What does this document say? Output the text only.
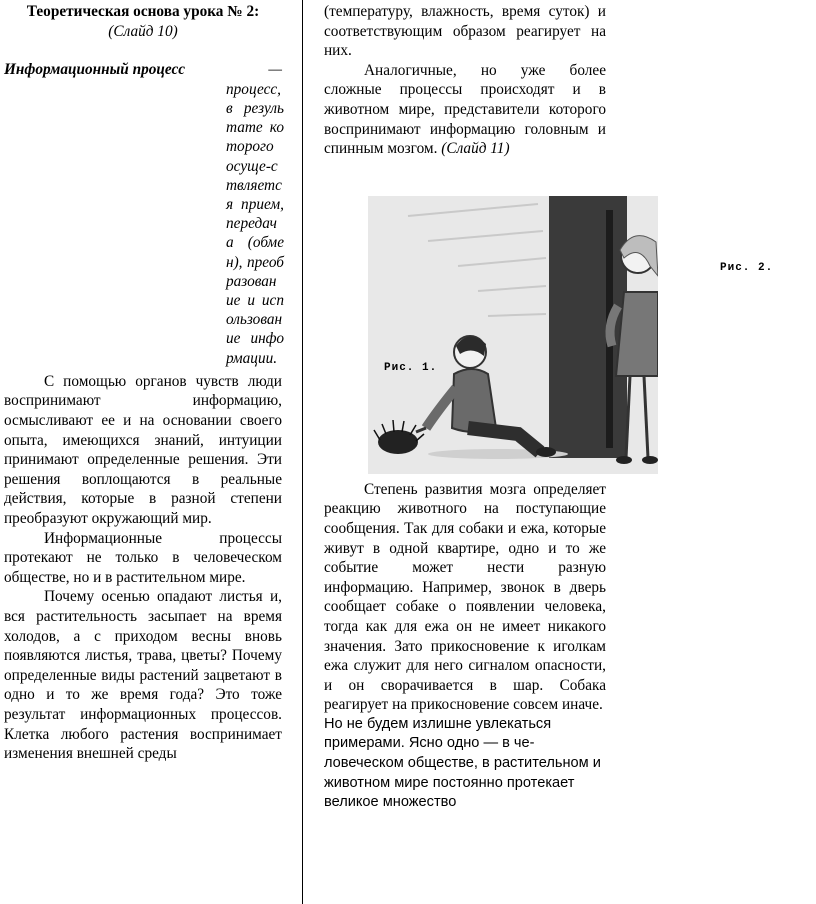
Теоретическая основа урока № 2:

(Слайд 10)

Информационный процесс	—

процесс, в результате которого осуще-ствляется прием, передача (обмен), преобразование и использование информации.

С помощью органов чувств люди воспринимают информацию, осмысливают ее и на основании своего опыта, имеющихся знаний, интуиции принимают определенные решения. Эти решения воплощаются в реальные действия, которые в разной степени преобразуют окружающий мир.

Информационные процессы протекают не только в человеческом обществе, но и в растительном мире.

Почему осенью опадают листья и, вся растительность засыпает на время холодов, а с приходом весны вновь появляются листья, трава, цветы? Почему определенные виды растений зацветают в одно и то же время года? Это тоже результат информационных процессов. Клетка любого растения воспринимает изменения внешней среды

(температуру, влажность, время суток) и соответствующим образом реагирует на них.

Аналогичные, но уже более сложные процессы происходят и в животном мире, представители которого воспринимают информацию головным и спинным мозгом. (Слайд 11)

Степень развития мозга определяет реакцию животного на поступающие сообщения. Так для собаки и ежа, которые живут в одной квартире, одно и то же событие может нести разную информацию. Например, звонок в дверь сообщает собаке о появлении человека, тогда как для ежа он не имеет никакого значения. Зато прикосновение к иголкам ежа служит для него сигналом опасности, и он сворачивается в шар. Собака реагирует на прикосновение совсем иначе.

Но не будем излишне увлекаться примерами. Ясно одно — в че-ловеческом обществе, в растительном и животном мире постоянно протекает великое множество

Рис. 1.
Рис. 2.
